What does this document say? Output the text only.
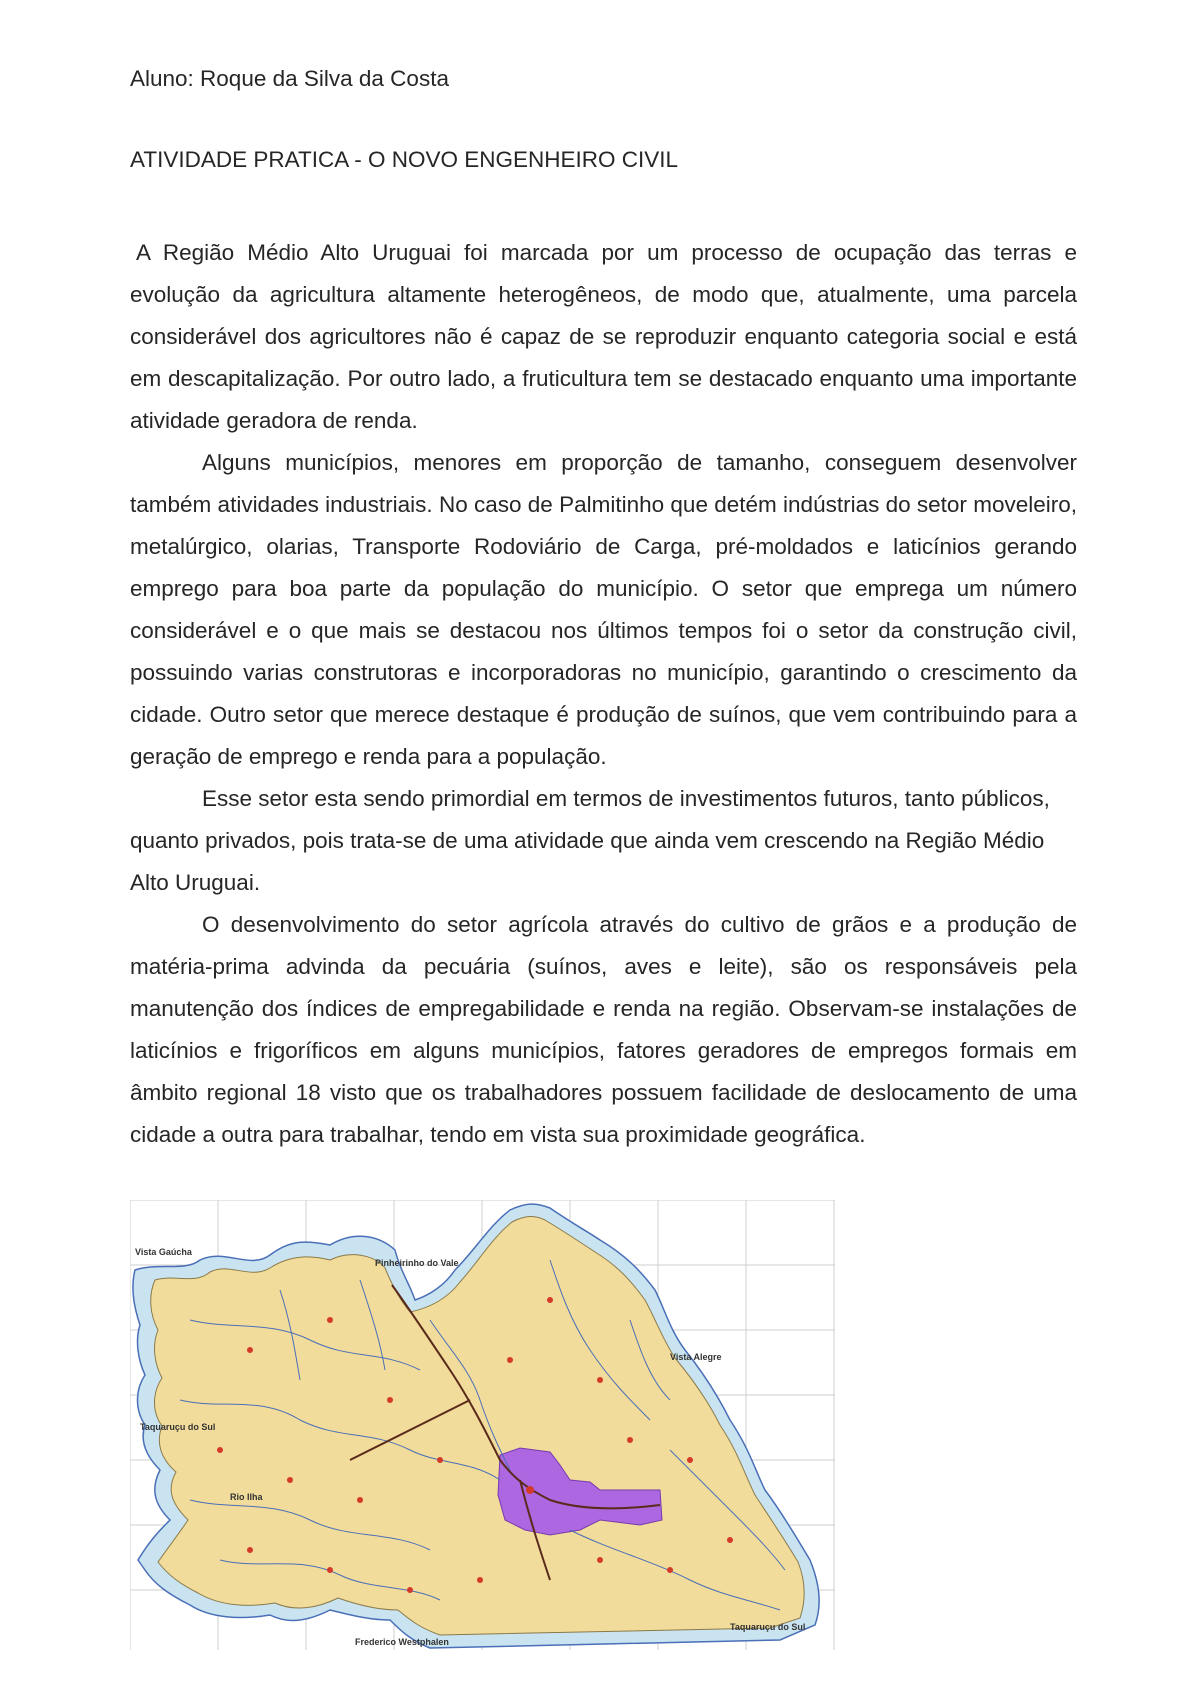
Aluno: Roque da Silva da Costa

ATIVIDADE PRATICA - O NOVO ENGENHEIRO CIVIL

A Região Médio Alto Uruguai foi marcada por um processo de ocupação das terras e evolução da agricultura altamente heterogêneos, de modo que, atualmente, uma parcela considerável dos agricultores não é capaz de se reproduzir enquanto categoria social e está em descapitalização. Por outro lado, a fruticultura tem se destacado enquanto uma importante atividade geradora de renda.

Alguns municípios, menores em proporção de tamanho, conseguem desenvolver também atividades industriais. No caso de Palmitinho que detém indústrias do setor moveleiro, metalúrgico, olarias, Transporte Rodoviário de Carga, pré-moldados e laticínios gerando emprego para boa parte da população do município. O setor que emprega um número considerável e o que mais se destacou nos últimos tempos foi o setor da construção civil, possuindo varias construtoras e incorporadoras no município, garantindo o crescimento da cidade. Outro setor que merece destaque é produção de suínos, que vem contribuindo para a geração de emprego e renda para a população.

Esse setor esta sendo primordial em termos de investimentos futuros, tanto públicos, quanto privados, pois trata-se de uma atividade que ainda vem crescendo na Região Médio Alto Uruguai.

O desenvolvimento do setor agrícola através do cultivo de grãos e a produção de matéria-prima advinda da pecuária (suínos, aves e leite), são os responsáveis pela manutenção dos índices de empregabilidade e renda na região. Observam-se instalações de laticínios e frigoríficos em alguns municípios, fatores geradores de empregos formais em âmbito regional 18 visto que os trabalhadores possuem facilidade de deslocamento de uma cidade a outra para trabalhar, tendo em vista sua proximidade geográfica.

Pinheirinho do Vale
Vista Gaúcha
Taquaruçu do Sul
Vista Alegre
Taquaruçu do Sul
Frederico Westphalen
Rio Ilha
